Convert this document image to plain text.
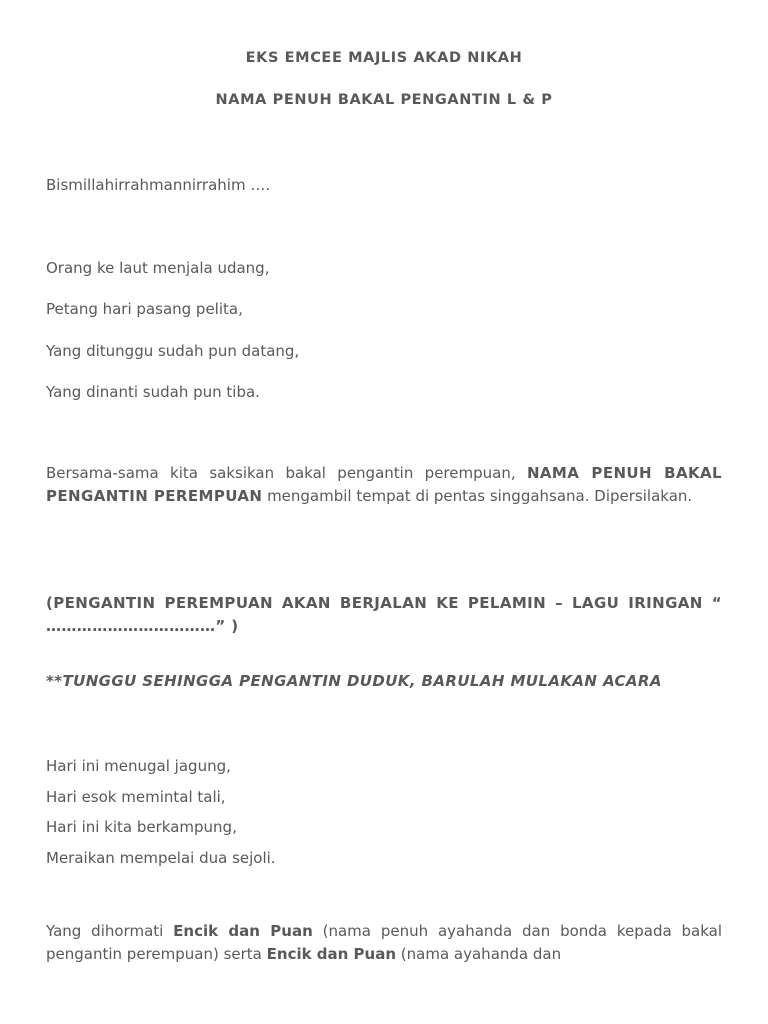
EKS EMCEE MAJLIS AKAD NIKAH

NAMA PENUH BAKAL PENGANTIN L & P

Bismillahirrahmannirrahim ….

Orang ke laut menjala udang,

Petang hari pasang pelita,

Yang ditunggu sudah pun datang,

Yang dinanti sudah pun tiba.

Bersama-sama kita saksikan bakal pengantin perempuan, NAMA PENUH BAKAL PENGANTIN PEREMPUAN mengambil tempat di pentas singgahsana. Dipersilakan.

(PENGANTIN PEREMPUAN AKAN BERJALAN KE PELAMIN – LAGU IRINGAN “ ……………………………” )

**TUNGGU SEHINGGA PENGANTIN DUDUK, BARULAH MULAKAN ACARA

Hari ini menugal jagung,

Hari esok memintal tali,

Hari ini kita berkampung,

Meraikan mempelai dua sejoli.

Yang dihormati Encik dan Puan (nama penuh ayahanda dan bonda kepada bakal pengantin perempuan) serta Encik dan Puan (nama ayahanda dan
